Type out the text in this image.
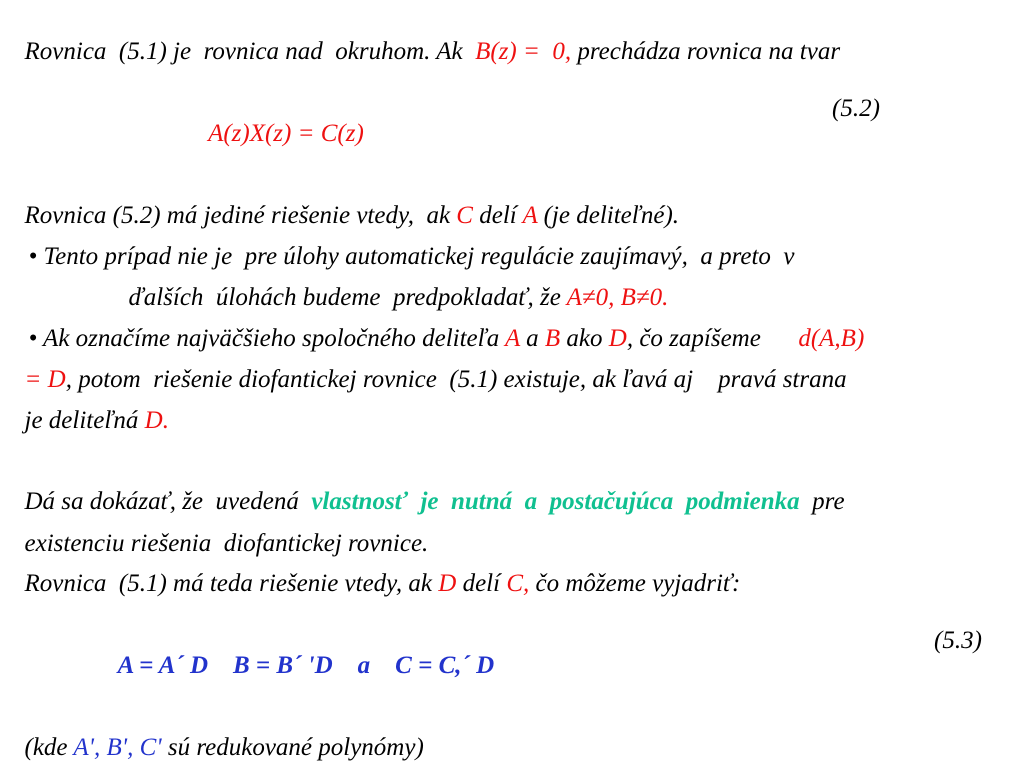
Rovnica  (5.1) je  rovnica nad  okruhom. Ak  B(z) =  0, prechádza rovnica na tvar

A(z)X(z) = C(z)

(5.2)

Rovnica (5.2) má jediné riešenie vtedy,  ak C delí A (je deliteľné).

• Tento prípad nie je  pre úlohy automatickej regulácie zaujímavý,  a preto  v

ďalších  úlohách budeme  predpokladať, že A≠0, B≠0.

• Ak označíme najväčšieho spoločného deliteľa A a B ako D, čo zapíšeme      d(A,B)

= D, potom  riešenie diofantickej rovnice  (5.1) existuje, ak ľavá aj    pravá strana

je deliteľná D.

Dá sa dokázať, že  uvedená  vlastnosť  je  nutná  a  postačujúca  podmienka  pre

existenciu riešenia  diofantickej rovnice.

Rovnica  (5.1) má teda riešenie vtedy, ak D delí C, čo môžeme vyjadriť:

A = A´ D    B = B´ 'D    a    C = C,´ D

(5.3)

(kde A', B', C' sú redukované polynómy)
